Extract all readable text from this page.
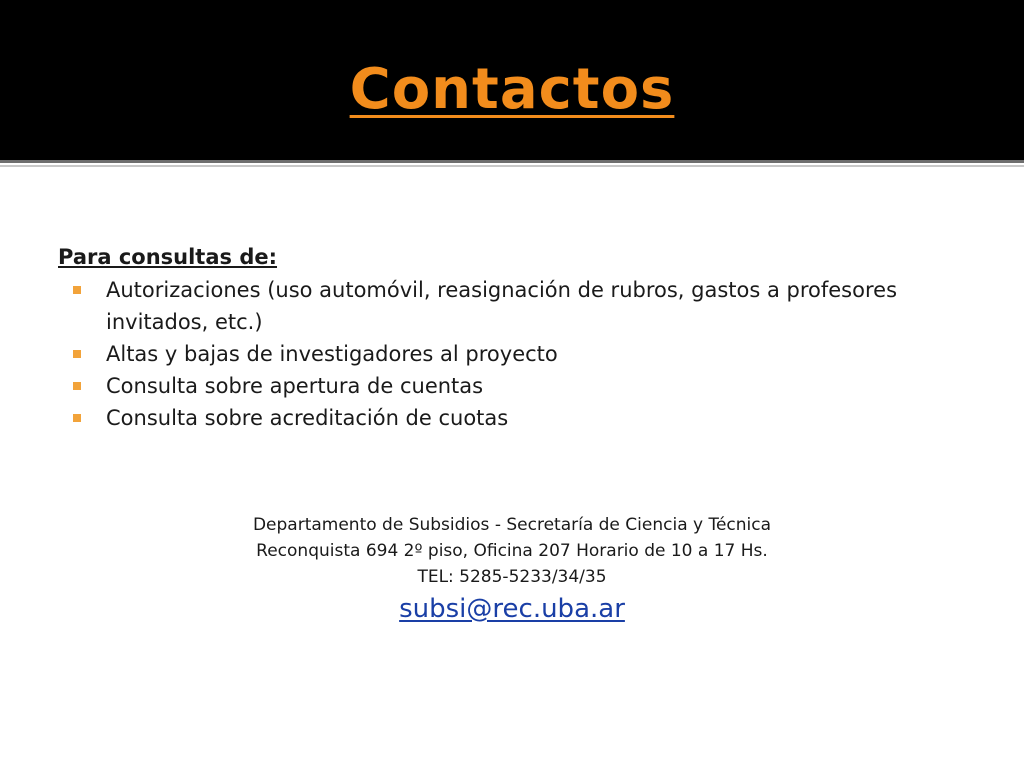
Contactos
Para consultas de:
Autorizaciones (uso automóvil, reasignación de rubros, gastos a profesores invitados, etc.)
Altas y bajas de investigadores al proyecto
Consulta sobre apertura de cuentas
Consulta sobre acreditación de cuotas
Departamento de Subsidios - Secretaría de Ciencia y Técnica
Reconquista 694 2º piso, Oficina 207 Horario de 10 a 17 Hs.
TEL: 5285-5233/34/35
subsi@rec.uba.ar
